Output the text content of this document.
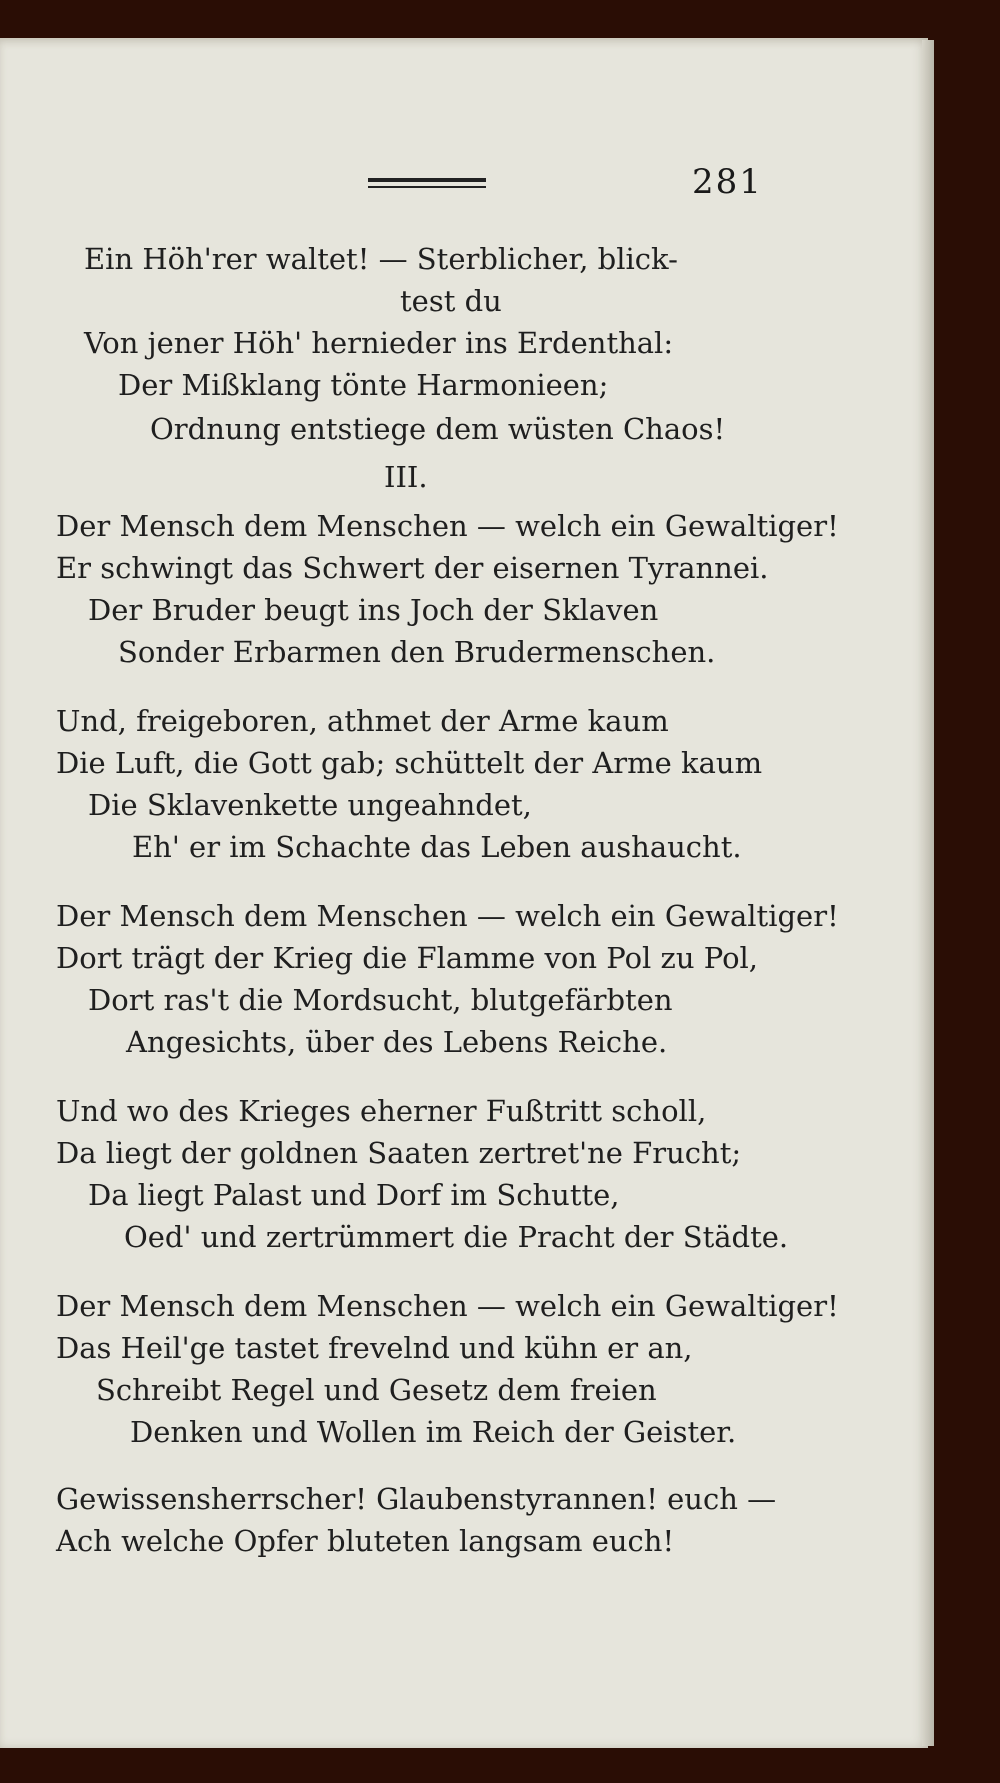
281
Ein Höh'rer waltet! — Sterblicher, blick-
test du
Von jener Höh' hernieder ins Erdenthal:
Der Mißklang tönte Harmonieen;
Ordnung entstiege dem wüsten Chaos!
III.
Der Mensch dem Menschen — welch ein Gewaltiger!
Er schwingt das Schwert der eisernen Tyrannei.
Der Bruder beugt ins Joch der Sklaven
Sonder Erbarmen den Brudermenschen.
Und, freigeboren, athmet der Arme kaum
Die Luft, die Gott gab; schüttelt der Arme kaum
Die Sklavenkette ungeahndet,
Eh' er im Schachte das Leben aushaucht.
Der Mensch dem Menschen — welch ein Gewaltiger!
Dort trägt der Krieg die Flamme von Pol zu Pol,
Dort ras't die Mordsucht, blutgefärbten
Angesichts, über des Lebens Reiche.
Und wo des Krieges eherner Fußtritt scholl,
Da liegt der goldnen Saaten zertret'ne Frucht;
Da liegt Palast und Dorf im Schutte,
Oed' und zertrümmert die Pracht der Städte.
Der Mensch dem Menschen — welch ein Gewaltiger!
Das Heil'ge tastet frevelnd und kühn er an,
Schreibt Regel und Gesetz dem freien
Denken und Wollen im Reich der Geister.
Gewissensherrscher! Glaubenstyrannen! euch —
Ach welche Opfer bluteten langsam euch!
